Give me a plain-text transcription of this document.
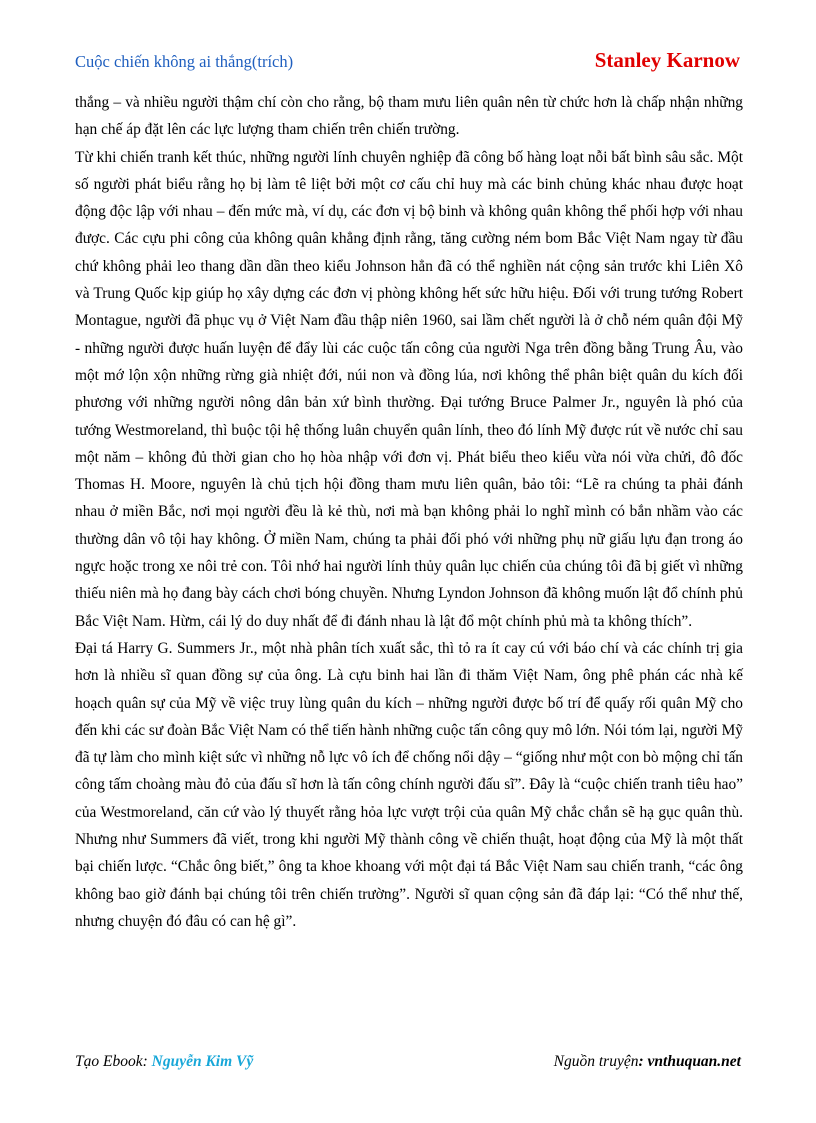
Cuộc chiến không ai thắng(trích)	Stanley Karnow

thắng – và nhiều người thậm chí còn cho rằng, bộ tham mưu liên quân nên từ chức hơn là chấp nhận những hạn chế áp đặt lên các lực lượng tham chiến trên chiến trường.

Từ khi chiến tranh kết thúc, những người lính chuyên nghiệp đã công bố hàng loạt nỗi bất bình sâu sắc. Một số người phát biểu rằng họ bị làm tê liệt bởi một cơ cấu chỉ huy mà các binh chủng khác nhau được hoạt động độc lập với nhau – đến mức mà, ví dụ, các đơn vị bộ binh và không quân không thể phối hợp với nhau được. Các cựu phi công của không quân khẳng định rằng, tăng cường ném bom Bắc Việt Nam ngay từ đầu chứ không phải leo thang dần dần theo kiểu Johnson hẳn đã có thể nghiền nát cộng sản trước khi Liên Xô và Trung Quốc kịp giúp họ xây dựng các đơn vị phòng không hết sức hữu hiệu. Đối với trung tướng Robert Montague, người đã phục vụ ở Việt Nam đầu thập niên 1960, sai lầm chết người là ở chỗ ném quân đội Mỹ - những người được huấn luyện để đẩy lùi các cuộc tấn công của người Nga trên đồng bằng Trung Âu, vào một mớ lộn xộn những rừng già nhiệt đới, núi non và đồng lúa, nơi không thể phân biệt quân du kích đối phương với những người nông dân bản xứ bình thường. Đại tướng Bruce Palmer Jr., nguyên là phó của tướng Westmoreland, thì buộc tội hệ thống luân chuyển quân lính, theo đó lính Mỹ được rút về nước chỉ sau một năm – không đủ thời gian cho họ hòa nhập với đơn vị. Phát biểu theo kiểu vừa nói vừa chửi, đô đốc Thomas H. Moore, nguyên là chủ tịch hội đồng tham mưu liên quân, bảo tôi: “Lẽ ra chúng ta phải đánh nhau ở miền Bắc, nơi mọi người đều là kẻ thù, nơi mà bạn không phải lo nghĩ mình có bắn nhầm vào các thường dân vô tội hay không. Ở miền Nam, chúng ta phải đối phó với những phụ nữ giấu lựu đạn trong áo ngực hoặc trong xe nôi trẻ con. Tôi nhớ hai người lính thủy quân lục chiến của chúng tôi đã bị giết vì những thiếu niên mà họ đang bày cách chơi bóng chuyền. Nhưng Lyndon Johnson đã không muốn lật đổ chính phủ Bắc Việt Nam. Hừm, cái lý do duy nhất để đi đánh nhau là lật đổ một chính phủ mà ta không thích”.

Đại tá Harry G. Summers Jr., một nhà phân tích xuất sắc, thì tỏ ra ít cay cú với báo chí và các chính trị gia hơn là nhiều sĩ quan đồng sự của ông. Là cựu binh hai lần đi thăm Việt Nam, ông phê phán các nhà kế hoạch quân sự của Mỹ về việc truy lùng quân du kích – những người được bố trí để quấy rối quân Mỹ cho đến khi các sư đoàn Bắc Việt Nam có thể tiến hành những cuộc tấn công quy mô lớn. Nói tóm lại, người Mỹ đã tự làm cho mình kiệt sức vì những nỗ lực vô ích để chống nổi dậy – “giống như một con bò mộng chỉ tấn công tấm choàng màu đỏ của đấu sĩ hơn là tấn công chính người đấu sĩ”. Đây là “cuộc chiến tranh tiêu hao” của Westmoreland, căn cứ vào lý thuyết rằng hỏa lực vượt trội của quân Mỹ chắc chắn sẽ hạ gục quân thù. Nhưng như Summers đã viết, trong khi người Mỹ thành công về chiến thuật, hoạt động của Mỹ là một thất bại chiến lược. “Chắc ông biết,” ông ta khoe khoang với một đại tá Bắc Việt Nam sau chiến tranh, “các ông không bao giờ đánh bại chúng tôi trên chiến trường”. Người sĩ quan cộng sản đã đáp lại: “Có thể như thế, nhưng chuyện đó đâu có can hệ gì”.

Tạo Ebook: Nguyễn Kim Vỹ	Nguồn truyện: vnthuquan.net
